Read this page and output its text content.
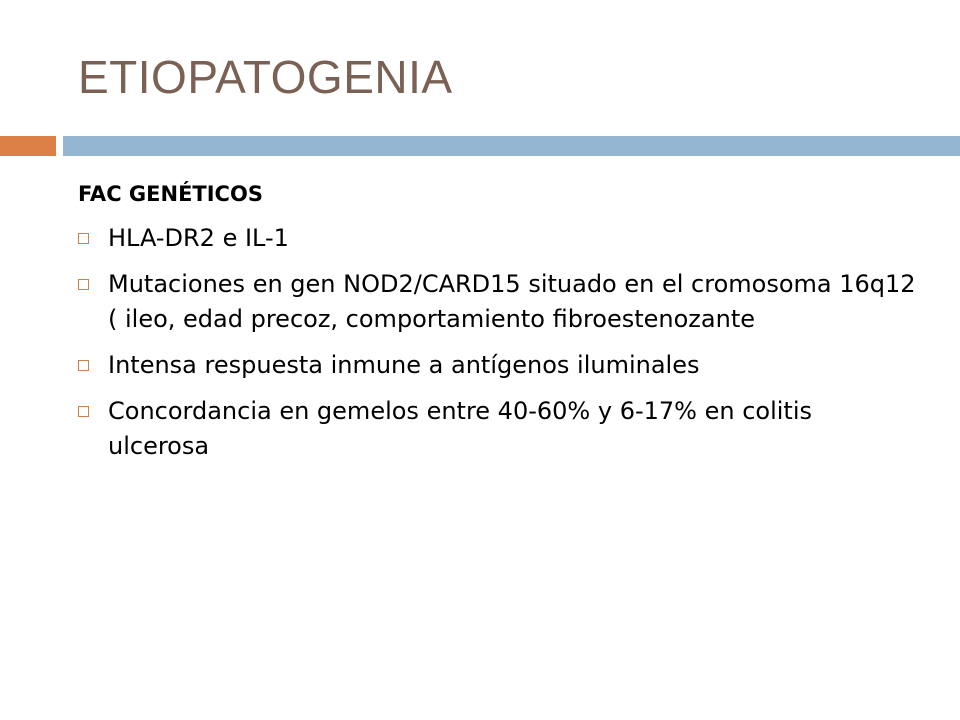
ETIOPATOGENIA
FAC GENÉTICOS
HLA-DR2 e IL-1
Mutaciones en gen NOD2/CARD15 situado en el cromosoma 16q12 ( ileo, edad precoz, comportamiento fibroestenozante
Intensa respuesta inmune a antígenos iluminales
Concordancia en gemelos entre 40-60% y 6-17% en colitis ulcerosa
